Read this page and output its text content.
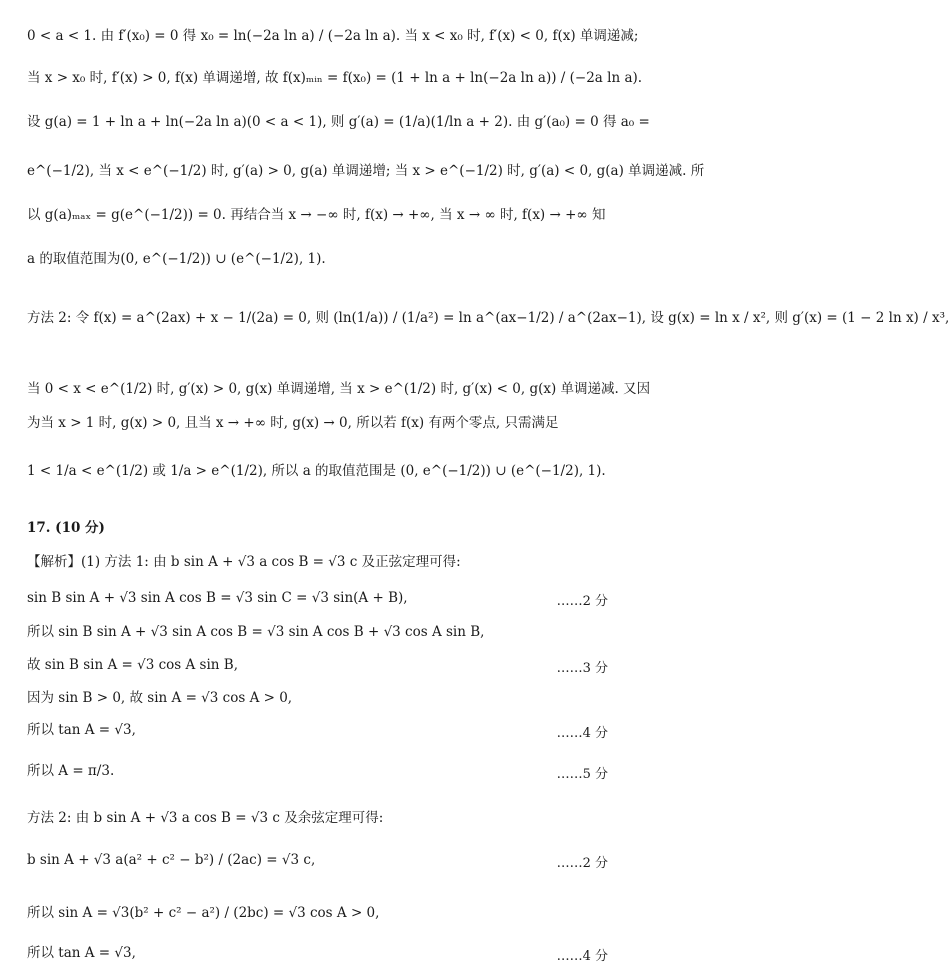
0 < a < 1. 由 f′(x₀) = 0 得 x₀ = ln(−2a ln a) / (−2a ln a). 当 x < x₀ 时, f′(x) < 0, f(x) 单调递减;
当 x > x₀ 时, f′(x) > 0, f(x) 单调递增, 故 f(x)ₘᵢₙ = f(x₀) = (1 + ln a + ln(−2a ln a)) / (−2a ln a).
设 g(a) = 1 + ln a + ln(−2a ln a)(0 < a < 1), 则 g′(a) = (1/a)(1/ln a + 2). 由 g′(a₀) = 0 得 a₀ =
e^(−1/2), 当 x < e^(−1/2) 时, g′(a) > 0, g(a) 单调递增; 当 x > e^(−1/2) 时, g′(a) < 0, g(a) 单调递减. 所
以 g(a)ₘₐₓ = g(e^(−1/2)) = 0. 再结合当 x → −∞ 时, f(x) → +∞, 当 x → ∞ 时, f(x) → +∞ 知
a 的取值范围为(0, e^(−1/2)) ∪ (e^(−1/2), 1).
方法 2: 令 f(x) = a^(2ax) + x − 1/(2a) = 0, 则 (ln(1/a)) / (1/a²) = ln a^(ax−1/2) / a^(2ax−1), 设 g(x) = ln x / x², 则 g′(x) = (1 − 2 ln x) / x³,
当 0 < x < e^(1/2) 时, g′(x) > 0, g(x) 单调递增, 当 x > e^(1/2) 时, g′(x) < 0, g(x) 单调递减. 又因
为当 x > 1 时, g(x) > 0, 且当 x → +∞ 时, g(x) → 0, 所以若 f(x) 有两个零点, 只需满足
1 < 1/a < e^(1/2) 或 1/a > e^(1/2), 所以 a 的取值范围是 (0, e^(−1/2)) ∪ (e^(−1/2), 1).
17. (10 分)
【解析】(1) 方法 1: 由 b sin A + √3 a cos B = √3 c 及正弦定理可得:
sin B sin A + √3 sin A cos B = √3 sin C = √3 sin(A + B),	……2 分
所以 sin B sin A + √3 sin A cos B = √3 sin A cos B + √3 cos A sin B,
故 sin B sin A = √3 cos A sin B,	……3 分
因为 sin B > 0, 故 sin A = √3 cos A > 0,
所以 tan A = √3,	……4 分
所以 A = π/3.	……5 分
方法 2: 由 b sin A + √3 a cos B = √3 c 及余弦定理可得:
b sin A + √3 a(a² + c² − b²) / (2ac) = √3 c,	……2 分
所以 sin A = √3(b² + c² − a²) / (2bc) = √3 cos A > 0,
所以 tan A = √3,	……4 分
